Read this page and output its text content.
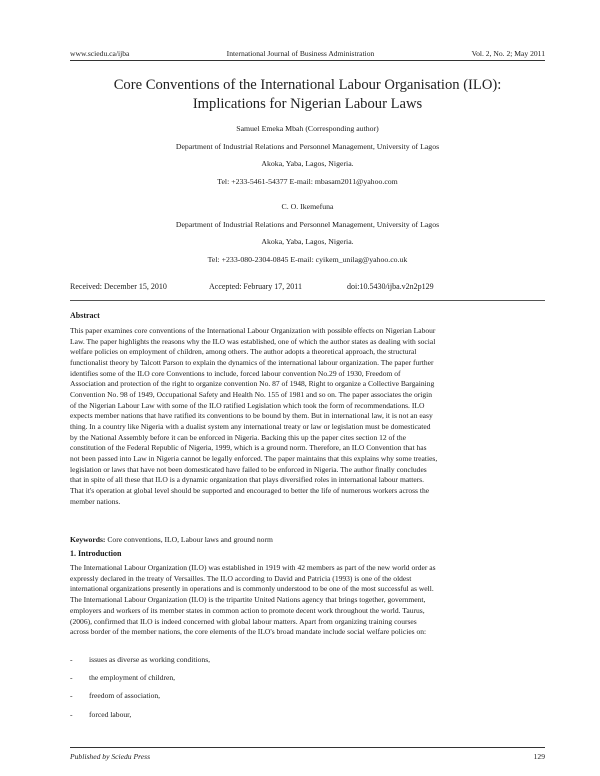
www.sciedu.ca/ijba	International Journal of Business Administration	Vol. 2, No. 2; May 2011
Core Conventions of the International Labour Organisation (ILO):
Implications for Nigerian Labour Laws
Samuel Emeka Mbah (Corresponding author)
Department of Industrial Relations and Personnel Management, University of Lagos
Akoka, Yaba, Lagos, Nigeria.
Tel: +233-5461-54377 E-mail: mbasam2011@yahoo.com
C. O. Ikemefuna
Department of Industrial Relations and Personnel Management, University of Lagos
Akoka, Yaba, Lagos, Nigeria.
Tel: +233-080-2304-0845 E-mail: cyikem_unilag@yahoo.co.uk
Received: December 15, 2010	Accepted: February 17, 2011	doi:10.5430/ijba.v2n2p129
Abstract
This paper examines core conventions of the International Labour Organization with possible effects on Nigerian Labour
Law. The paper highlights the reasons why the ILO was established, one of which the author states as dealing with social
welfare policies on employment of children, among others. The author adopts a theoretical approach, the structural
functionalist theory by Talcott Parson to explain the dynamics of the international labour organization. The paper further
identifies some of the ILO core Conventions to include, forced labour convention No.29 of 1930, Freedom of
Association and protection of the right to organize convention No. 87 of 1948, Right to organize a Collective Bargaining
Convention No. 98 of 1949, Occupational Safety and Health No. 155 of 1981 and so on. The paper associates the origin
of the Nigerian Labour Law with some of the ILO ratified Legislation which took the form of recommendations. ILO
expects member nations that have ratified its conventions to be bound by them. But in international law, it is not an easy
thing. In a country like Nigeria with a dualist system any international treaty or law or legislation must be domesticated
by the National Assembly before it can be enforced in Nigeria. Backing this up the paper cites section 12 of the
constitution of the Federal Republic of Nigeria, 1999, which is a ground norm. Therefore, an ILO Convention that has
not been passed into Law in Nigeria cannot be legally enforced. The paper maintains that this explains why some treaties,
legislation or laws that have not been domesticated have failed to be enforced in Nigeria. The author finally concludes
that in spite of all these that ILO is a dynamic organization that plays diversified roles in international labour matters.
That it's operation at global level should be supported and encouraged to better the life of numerous workers across the
member nations.
Keywords: Core conventions, ILO, Labour laws and ground norm
1. Introduction
The International Labour Organization (ILO) was established in 1919 with 42 members as part of the new world order as
expressly declared in the treaty of Versailles. The ILO according to David and Patricia (1993) is one of the oldest
international organizations presently in operations and is commonly understood to be one of the most successful as well.
The International Labour Organization (ILO) is the tripartite United Nations agency that brings together, government,
employers and workers of its member states in common action to promote decent work throughout the world. Taurus,
(2006), confirmed that ILO is indeed concerned with global labour matters. Apart from organizing training courses
across border of the member nations, the core elements of the ILO's broad mandate include social welfare policies on:
- issues as diverse as working conditions,
- the employment of children,
- freedom of association,
- forced labour,
Published by Sciedu Press	129
